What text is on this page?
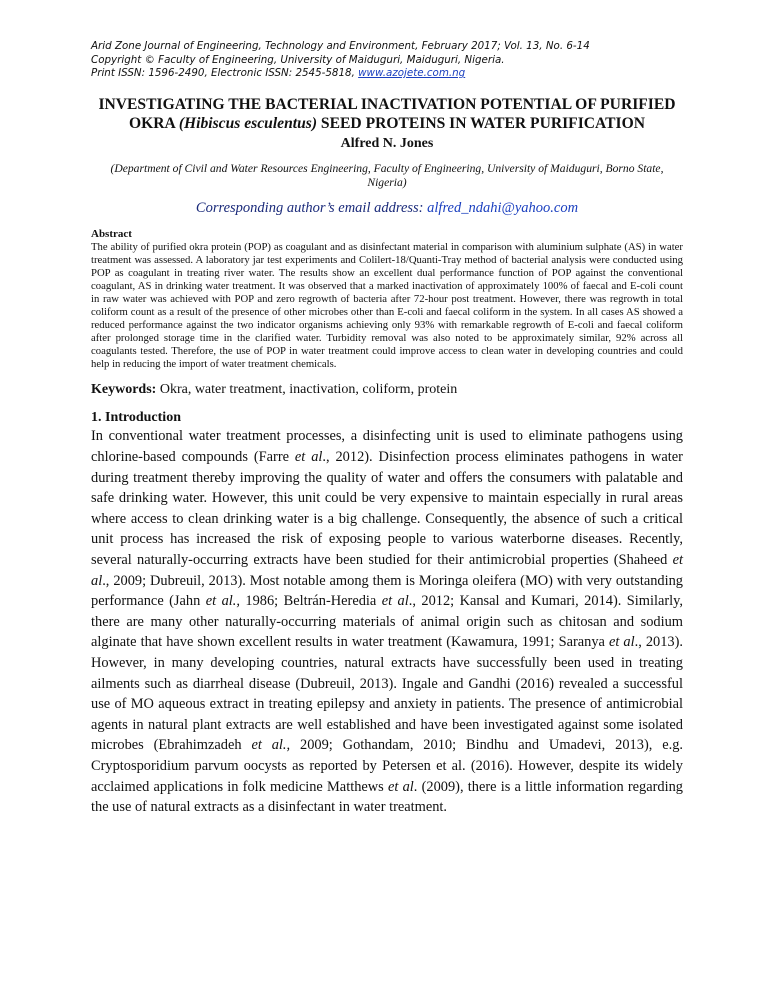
Arid Zone Journal of Engineering, Technology and Environment, February 2017; Vol. 13, No. 6-14
Copyright © Faculty of Engineering, University of Maiduguri, Maiduguri, Nigeria.
Print ISSN: 1596-2490, Electronic ISSN: 2545-5818, www.azojete.com.ng
INVESTIGATING THE BACTERIAL INACTIVATION POTENTIAL OF PURIFIED OKRA (Hibiscus esculentus) SEED PROTEINS IN WATER PURIFICATION
Alfred N. Jones
(Department of Civil and Water Resources Engineering, Faculty of Engineering, University of Maiduguri, Borno State, Nigeria)
Corresponding author’s email address: alfred_ndahi@yahoo.com
Abstract
The ability of purified okra protein (POP) as coagulant and as disinfectant material in comparison with aluminium sulphate (AS) in water treatment was assessed. A laboratory jar test experiments and Colilert-18/Quanti-Tray method of bacterial analysis were conducted using POP as coagulant in treating river water. The results show an excellent dual performance function of POP against the conventional coagulant, AS in drinking water treatment. It was observed that a marked inactivation of approximately 100% of faecal and E-coli count in raw water was achieved with POP and zero regrowth of bacteria after 72-hour post treatment. However, there was regrowth in total coliform count as a result of the presence of other microbes other than E-coli and faecal coliform in the system. In all cases AS showed a reduced performance against the two indicator organisms achieving only 93% with remarkable regrowth of E-coli and faecal coliform after prolonged storage time in the clarified water. Turbidity removal was also noted to be approximately similar, 92% across all coagulants tested. Therefore, the use of POP in water treatment could improve access to clean water in developing countries and could help in reducing the import of water treatment chemicals.
Keywords: Okra, water treatment, inactivation, coliform, protein
1. Introduction
In conventional water treatment processes, a disinfecting unit is used to eliminate pathogens using chlorine-based compounds (Farre et al., 2012). Disinfection process eliminates pathogens in water during treatment thereby improving the quality of water and offers the consumers with palatable and safe drinking water. However, this unit could be very expensive to maintain especially in rural areas where access to clean drinking water is a big challenge. Consequently, the absence of such a critical unit process has increased the risk of exposing people to various waterborne diseases. Recently, several naturally-occurring extracts have been studied for their antimicrobial properties (Shaheed et al., 2009; Dubreuil, 2013). Most notable among them is Moringa oleifera (MO) with very outstanding performance (Jahn et al., 1986; Beltrán-Heredia et al., 2012; Kansal and Kumari, 2014). Similarly, there are many other naturally-occurring materials of animal origin such as chitosan and sodium alginate that have shown excellent results in water treatment (Kawamura, 1991; Saranya et al., 2013). However, in many developing countries, natural extracts have successfully been used in treating ailments such as diarrheal disease (Dubreuil, 2013). Ingale and Gandhi (2016) revealed a successful use of MO aqueous extract in treating epilepsy and anxiety in patients. The presence of antimicrobial agents in natural plant extracts are well established and have been investigated against some isolated microbes (Ebrahimzadeh et al., 2009; Gothandam, 2010; Bindhu and Umadevi, 2013), e.g. Cryptosporidium parvum oocysts as reported by Petersen et al. (2016). However, despite its widely acclaimed applications in folk medicine Matthews et al. (2009), there is a little information regarding the use of natural extracts as a disinfectant in water treatment.
